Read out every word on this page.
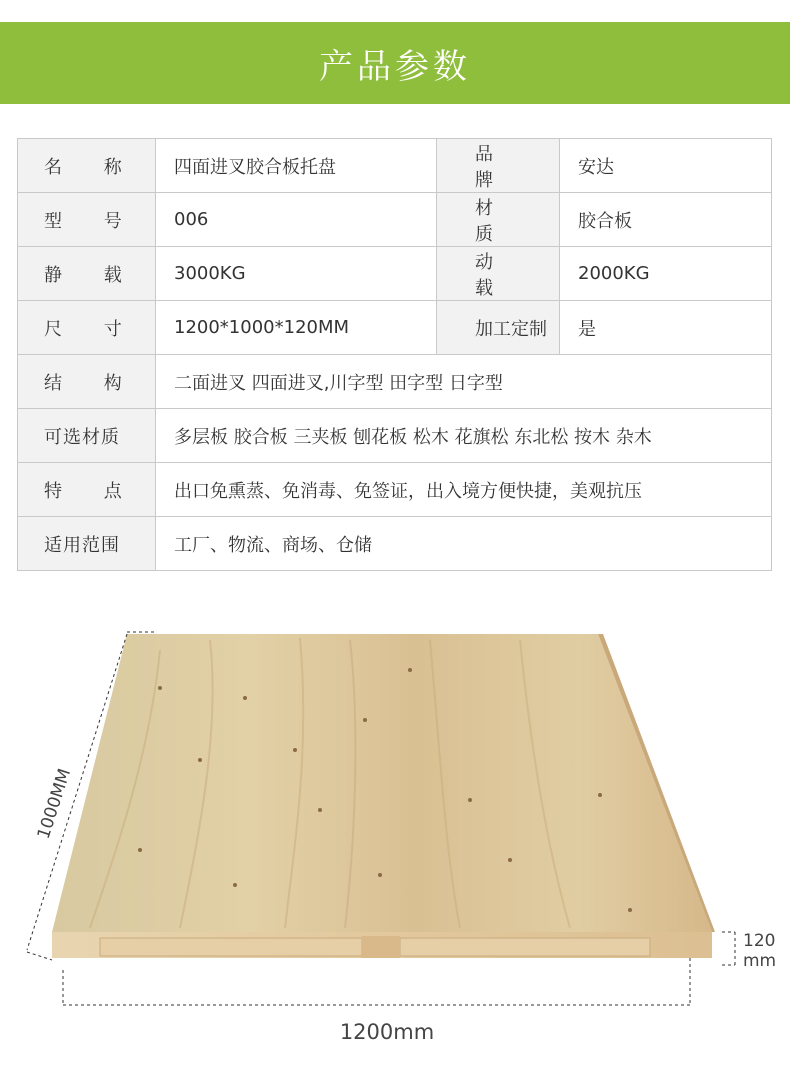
产品参数
名 称	四面进叉胶合板托盘	品 牌	安达
型 号	006	材 质	胶合板
静 载	3000KG	动 载	2000KG
尺 寸	1200*1000*120MM	加工定制	是
结 构	二面进叉 四面进叉,川字型 田字型 日字型		
可选材质	多层板 胶合板 三夹板 刨花板 松木 花旗松 东北松 按木 杂木		
特 点	出口免熏蒸、免消毒、免签证，出入境方便快捷，美观抗压		
适用范围	工厂、物流、商场、仓储		
1000MM
1200mm
120
mm
